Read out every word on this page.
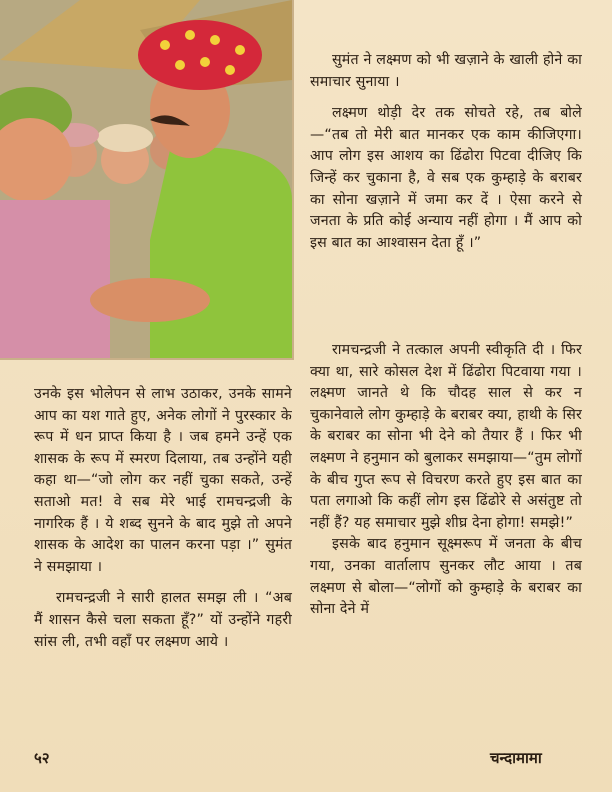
सुमंत ने लक्ष्मण को भी खज़ाने के खाली होने का समाचार सुनाया ।

लक्ष्मण थोड़ी देर तक सोचते रहे, तब बोले—“तब तो मेरी बात मानकर एक काम कीजिएगा। आप लोग इस आशय का ढिंढोरा पिटवा दीजिए कि जिन्हें कर चुकाना है, वे सब एक कुम्हाड़े के बराबर का सोना खज़ाने में जमा कर दें । ऐसा करने से जनता के प्रति कोई अन्याय नहीं होगा । मैं आप को इस बात का आश्वासन देता हूँ ।”

रामचन्द्रजी ने तत्काल अपनी स्वीकृति दी । फिर क्या था, सारे कोसल देश में ढिंढोरा पिटवाया गया । लक्ष्मण जानते थे कि चौदह साल से कर न चुकानेवाले लोग कुम्हाड़े के बराबर क्या, हाथी के सिर के बराबर का सोना भी देने को तैयार हैं । फिर भी लक्ष्मण ने हनुमान को बुलाकर समझाया—“तुम लोगों के बीच गुप्त रूप से विचरण करते हुए इस बात का पता लगाओ कि कहीं लोग इस ढिंढोरे से असंतुष्ट तो नहीं हैं? यह समाचार मुझे शीघ्र देना होगा! समझे!”

इसके बाद हनुमान सूक्ष्मरूप में जनता के बीच गया, उनका वार्तालाप सुनकर लौट आया । तब लक्ष्मण से बोला—“लोगों को कुम्हाड़े के बराबर का सोना देने में

उनके इस भोलेपन से लाभ उठाकर, उनके सामने आप का यश गाते हुए, अनेक लोगों ने पुरस्कार के रूप में धन प्राप्त किया है । जब हमने उन्हें एक शासक के रूप में स्मरण दिलाया, तब उन्होंने यही कहा था—“जो लोग कर नहीं चुका सकते, उन्हें सताओ मत! वे सब मेरे भाई रामचन्द्रजी के नागरिक हैं । ये शब्द सुनने के बाद मुझे तो अपने शासक के आदेश का पालन करना पड़ा ।” सुमंत ने समझाया ।

रामचन्द्रजी ने सारी हालत समझ ली । “अब मैं शासन कैसे चला सकता हूँ?” यों उन्होंने गहरी सांस ली, तभी वहाँ पर लक्ष्मण आये ।

५२	चन्दामामा
